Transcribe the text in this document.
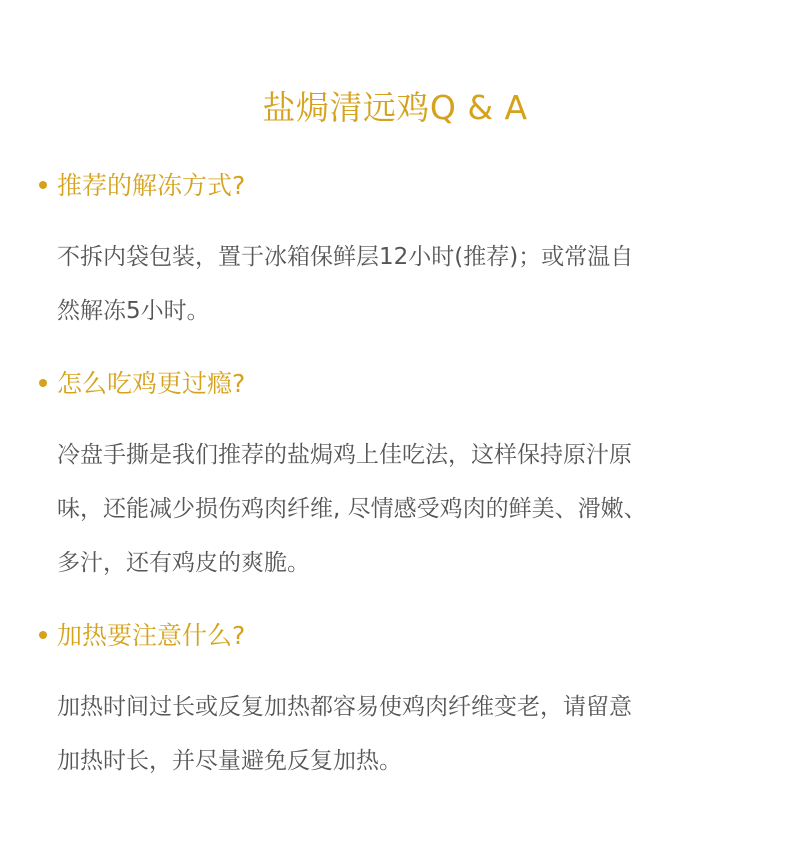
盐焗清远鸡Q & A
推荐的解冻方式?
不拆内袋包装，置于冰箱保鲜层12小时(推荐)；或常温自
然解冻5小时。
怎么吃鸡更过瘾?
冷盘手撕是我们推荐的盐焗鸡上佳吃法，这样保持原汁原
味，还能减少损伤鸡肉纤维, 尽情感受鸡肉的鲜美、滑嫩、
多汁，还有鸡皮的爽脆。
加热要注意什么?
加热时间过长或反复加热都容易使鸡肉纤维变老，请留意
加热时长，并尽量避免反复加热。
